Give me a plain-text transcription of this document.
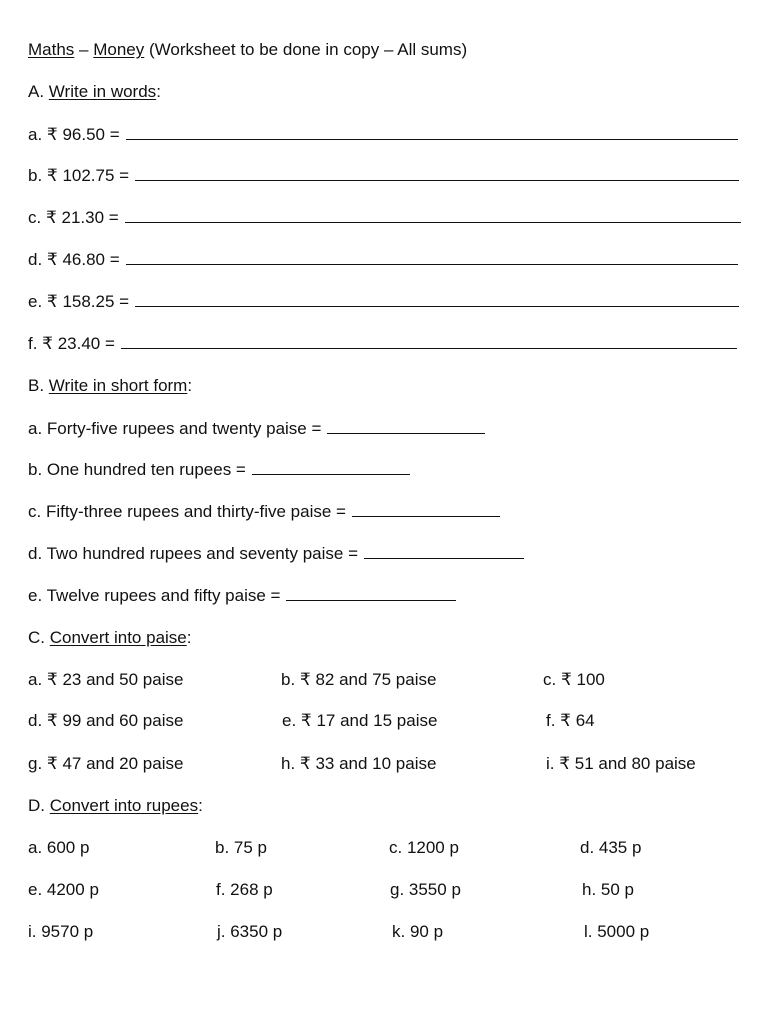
Maths – Money (Worksheet to be done in copy – All sums)
A. Write in words:
a. ₹ 96.50 =
b. ₹ 102.75 =
c. ₹ 21.30 =
d. ₹ 46.80 =
e. ₹ 158.25 =
f. ₹ 23.40 =
B. Write in short form:
a. Forty-five rupees and twenty paise =
b. One hundred ten rupees =
c. Fifty-three rupees and thirty-five paise =
d. Two hundred rupees and seventy paise =
e. Twelve rupees and fifty paise =
C. Convert into paise:
a. ₹ 23 and 50 paise	b. ₹ 82 and 75 paise	c. ₹ 100
d. ₹ 99 and 60 paise	e. ₹ 17 and 15 paise	f. ₹ 64
g. ₹ 47 and 20 paise	h. ₹ 33 and 10 paise	i. ₹ 51 and 80 paise
D. Convert into rupees:
a. 600 p	b. 75 p	c. 1200 p	d. 435 p
e. 4200 p	f. 268 p	g. 3550 p	h. 50 p
i. 9570 p	j. 6350 p	k. 90 p	l. 5000 p
